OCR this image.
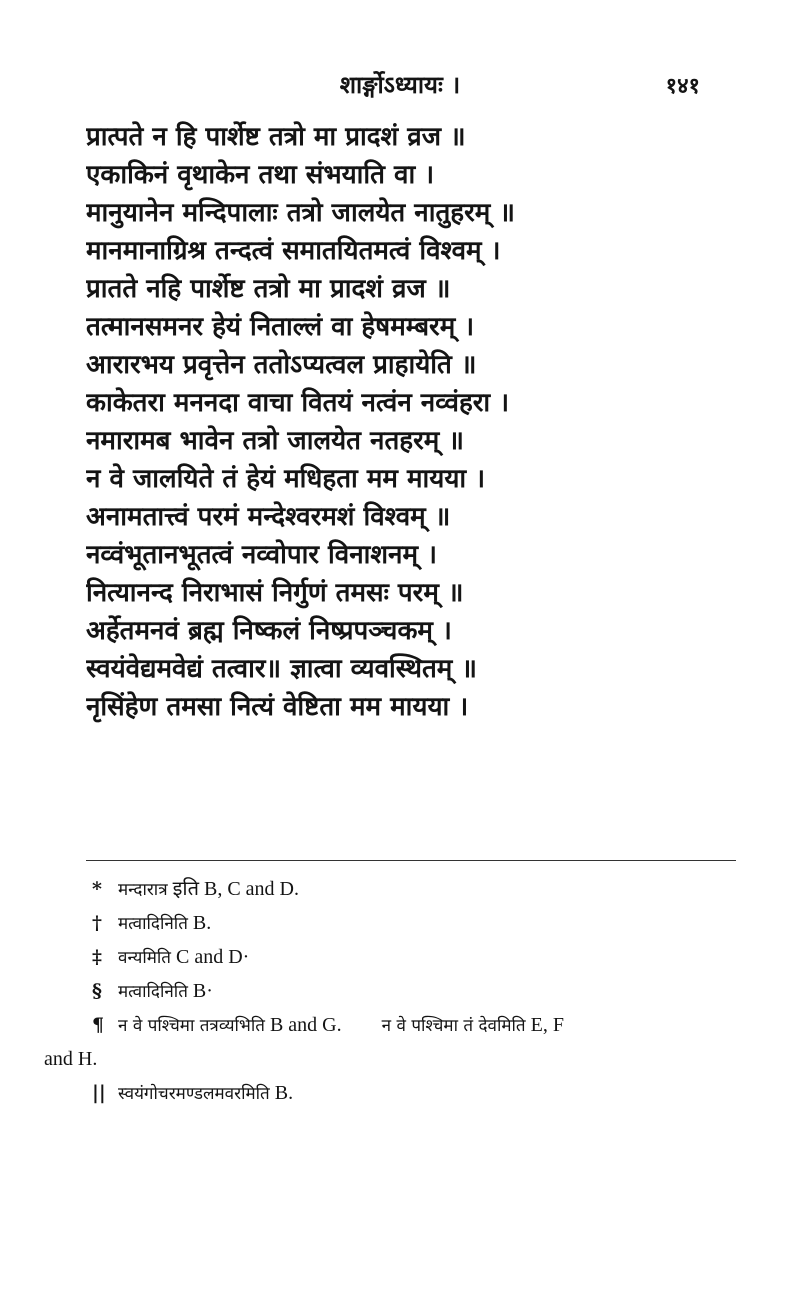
शार्ङ्गोऽध्यायः ।	१४१
प्रात्पते न हि पार्शेष्ट तत्रो मा प्रादशं व्रज ॥
एकाकिनं वृथाकेन तथा संभयाति वा ।
मानुयानेन मन्दिपालाः तत्रो जालयेत नातुहरम् ॥
मानमानाग्रिश्र तन्दत्वं समातयितमत्वं विश्वम् ।
प्रातते नहि पार्शेष्ट तत्रो मा प्रादशं व्रज ॥
तत्मानसमनर हेयं निताल्लं वा हेषमम्बरम् ।
आरारभय प्रवृत्तेन ततोऽप्यत्वल प्राहायेति ॥
काकेतरा मननदा वाचा वितयं नत्वंन नव्वंहरा ।
नमारामब भावेन तत्रो जालयेत नतहरम् ॥
न वे जालयिते तं हेयं मधिहता मम मायया ।
अनामतात्त्वं परमं मन्देश्वरमशं विश्वम् ॥
नव्वंभूतानभूतत्वं नव्वोपार विनाशनम् ।
नित्यानन्द निराभासं निर्गुणं तमसः परम् ॥
अर्हेतमनवं ब्रह्म निष्कलं निष्प्रपञ्चकम् ।
स्वयंवेद्यमवेद्यं तत्वार॥ ज्ञात्वा व्यवस्थितम् ॥
नृसिंहेण तमसा नित्यं वेष्टिता मम मायया ।
* मन्दारात्र इति B, C and D.
† मत्वादिनिति B.
‡ वन्यमिति C and D·
§ मत्वादिनिति B·
¶ न वे पश्चिमा तत्रव्यभिति B and G. न वे पश्चिमा तं देवमिति E, F
and H.
|| स्वयंगोचरमण्डलमवरमिति B.
